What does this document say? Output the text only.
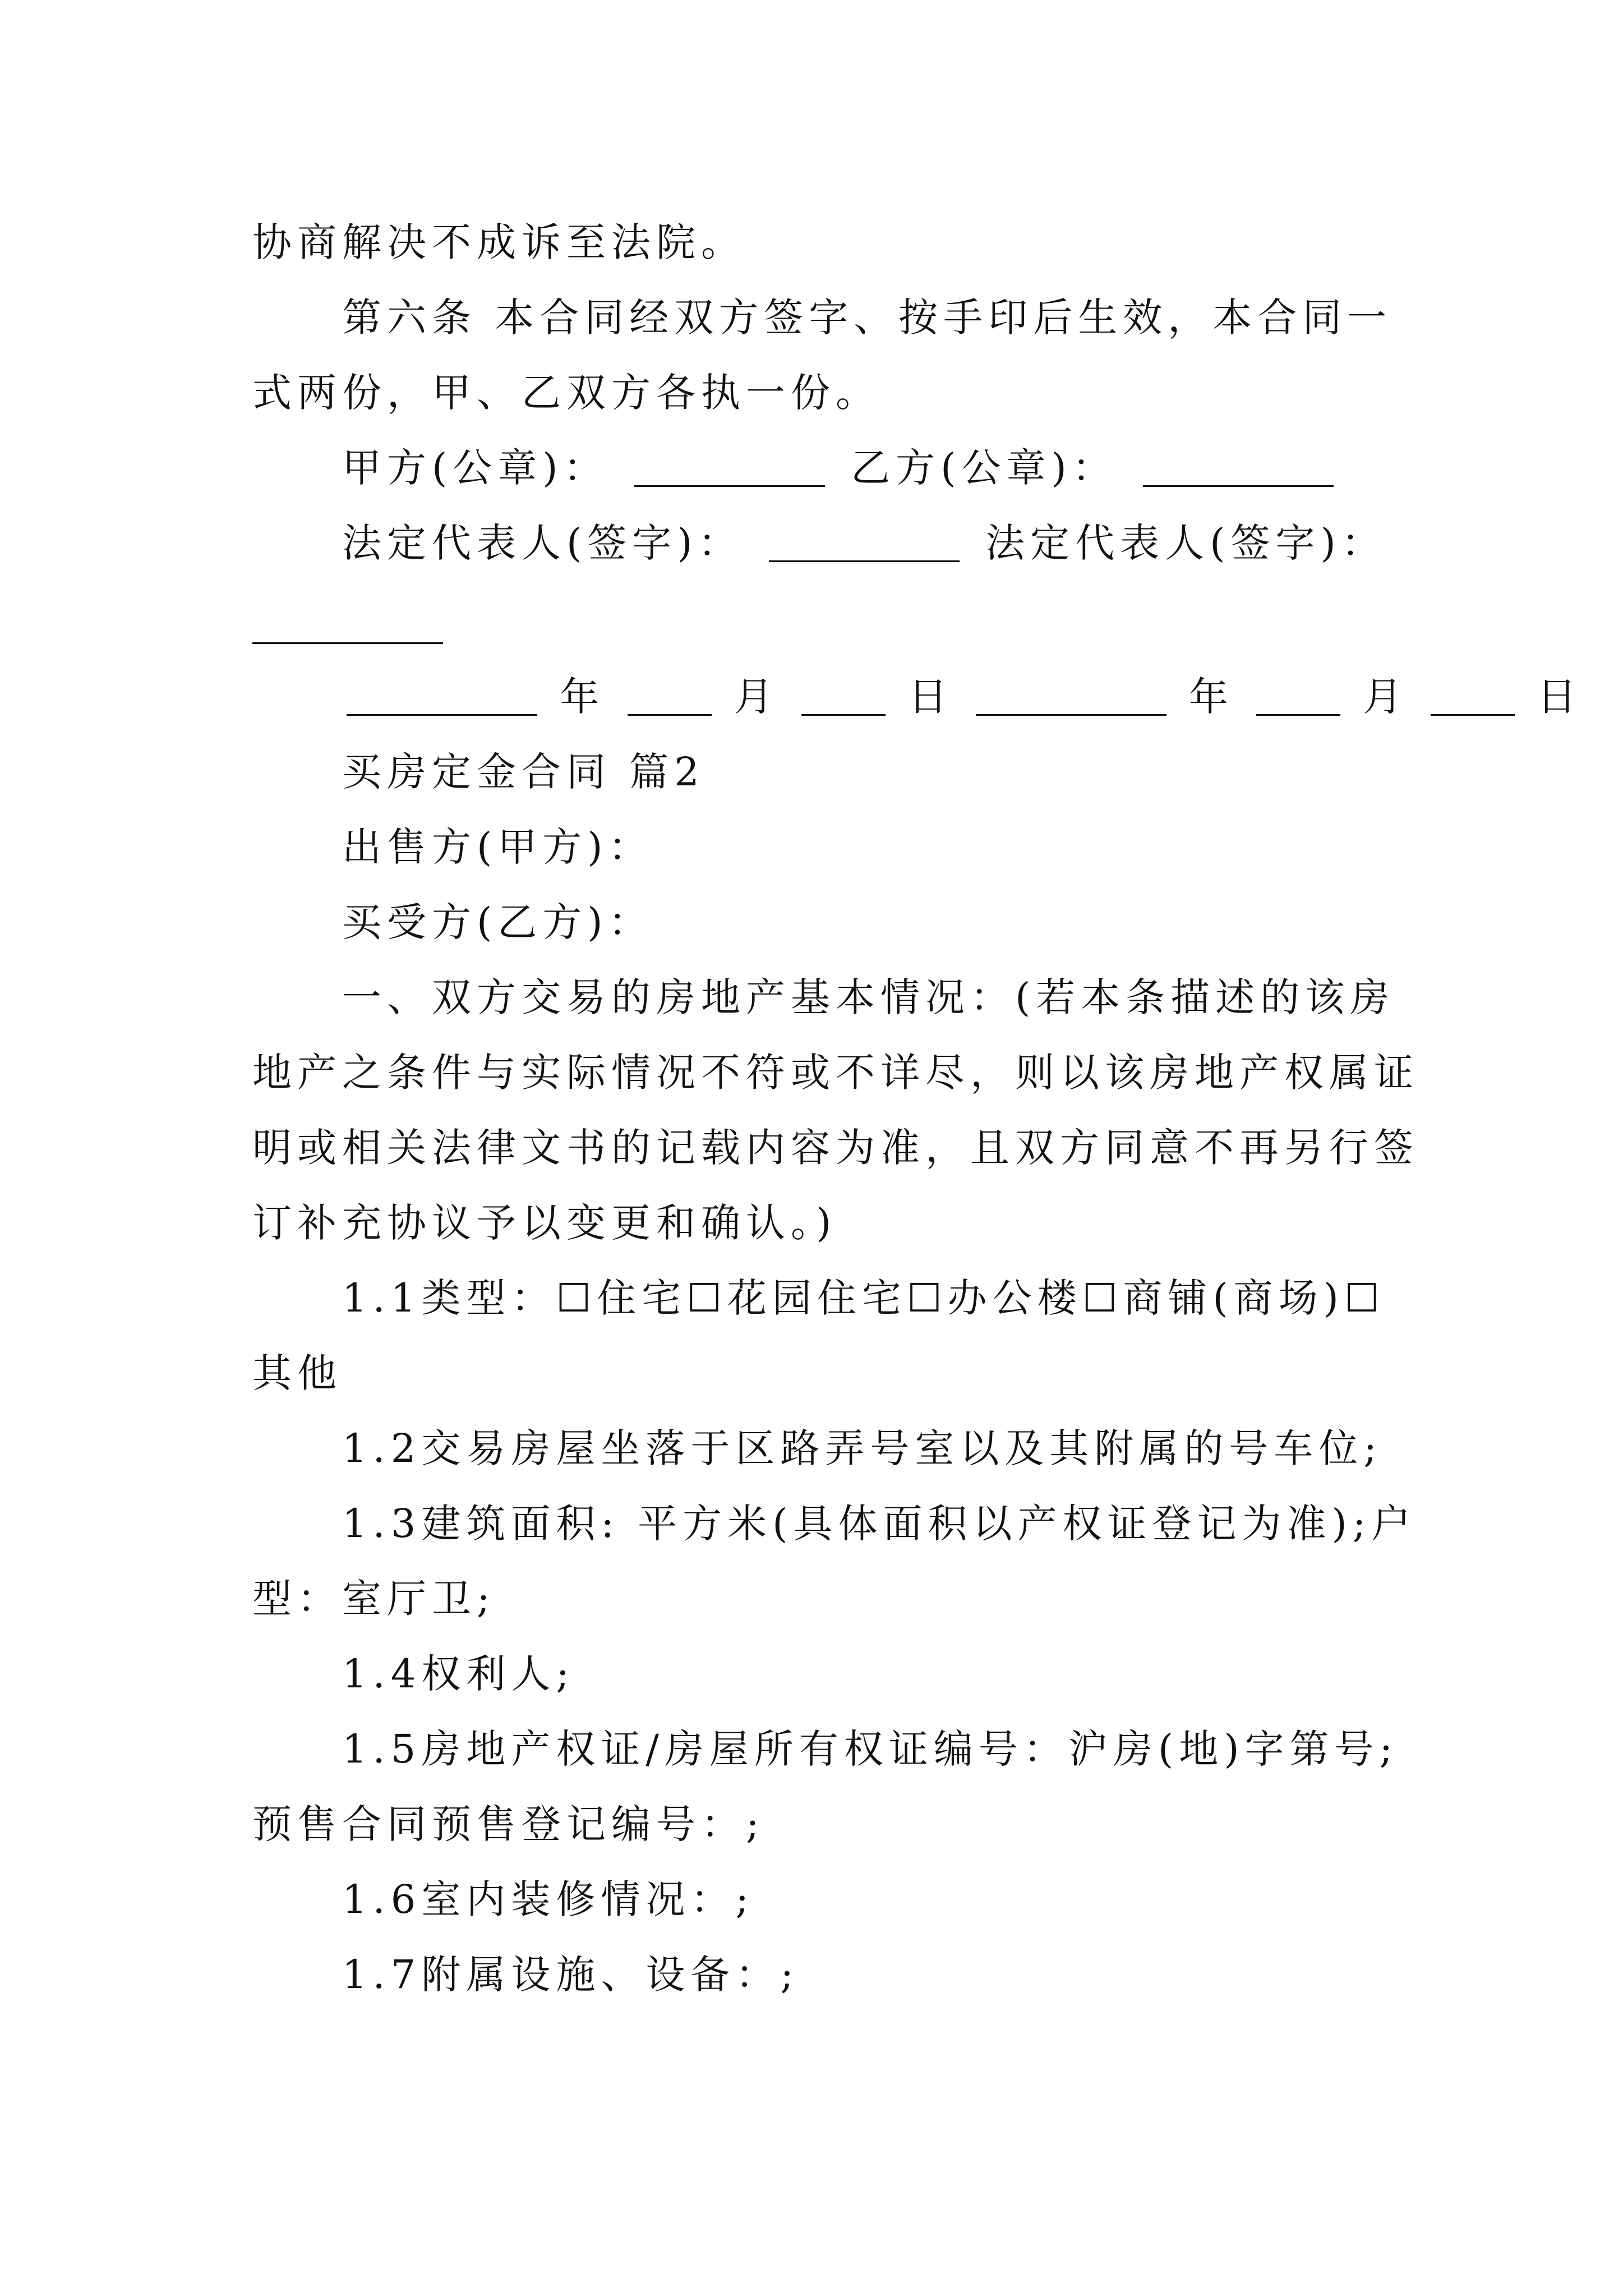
协商解决不成诉至法院。
第六条 本合同经双方签字、按手印后生效，本合同一
式两份，甲、乙双方各执一份。
甲方(公章)：	乙方(公章)：
法定代表人(签字)：	法定代表人(签字)：
年	月	日	年	月	日
买房定金合同 篇2
出售方(甲方)：
买受方(乙方)：
一、双方交易的房地产基本情况：(若本条描述的该房
地产之条件与实际情况不符或不详尽，则以该房地产权属证
明或相关法律文书的记载内容为准，且双方同意不再另行签
订补充协议予以变更和确认。)
1.1类型：☐住宅☐花园住宅☐办公楼☐商铺(商场)☐
其他
1.2交易房屋坐落于区路弄号室以及其附属的号车位;
1.3建筑面积: 平方米(具体面积以产权证登记为准);户
型：室厅卫;
1.4权利人;
1.5房地产权证/房屋所有权证编号：沪房(地)字第号;
预售合同预售登记编号：;
1.6室内装修情况：;
1.7附属设施、设备：;
